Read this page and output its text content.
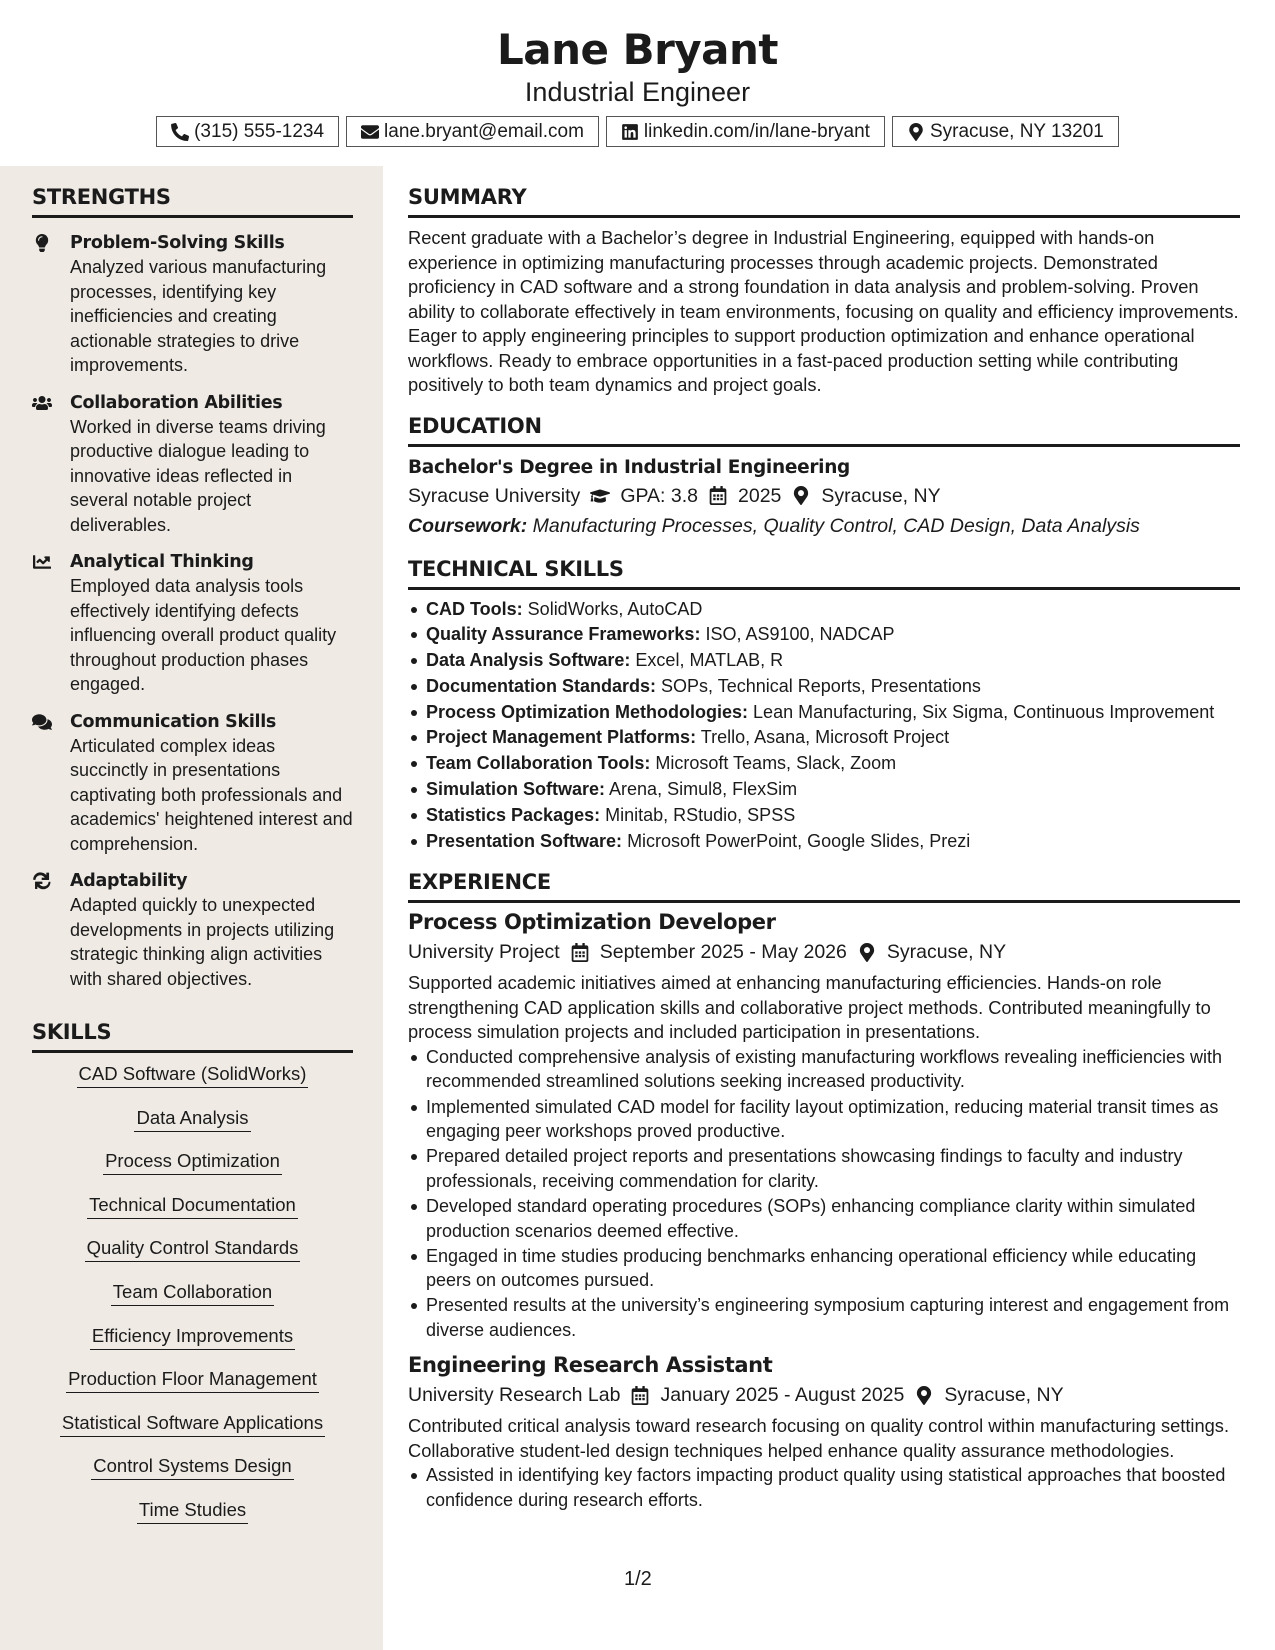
Lane Bryant
Industrial Engineer
(315) 555-1234	lane.bryant@email.com	linkedin.com/in/lane-bryant	Syracuse, NY 13201
STRENGTHS
Problem-Solving Skills
Analyzed various manufacturing processes, identifying key inefficiencies and creating actionable strategies to drive improvements.
Collaboration Abilities
Worked in diverse teams driving productive dialogue leading to innovative ideas reflected in several notable project deliverables.
Analytical Thinking
Employed data analysis tools effectively identifying defects influencing overall product quality throughout production phases engaged.
Communication Skills
Articulated complex ideas succinctly in presentations captivating both professionals and academics' heightened interest and comprehension.
Adaptability
Adapted quickly to unexpected developments in projects utilizing strategic thinking align activities with shared objectives.
SKILLS
CAD Software (SolidWorks)
Data Analysis
Process Optimization
Technical Documentation
Quality Control Standards
Team Collaboration
Efficiency Improvements
Production Floor Management
Statistical Software Applications
Control Systems Design
Time Studies
SUMMARY
Recent graduate with a Bachelor’s degree in Industrial Engineering, equipped with hands-on experience in optimizing manufacturing processes through academic projects. Demonstrated proficiency in CAD software and a strong foundation in data analysis and problem-solving. Proven ability to collaborate effectively in team environments, focusing on quality and efficiency improvements. Eager to apply engineering principles to support production optimization and enhance operational workflows. Ready to embrace opportunities in a fast-paced production setting while contributing positively to both team dynamics and project goals.
EDUCATION
Bachelor's Degree in Industrial Engineering
Syracuse University GPA: 3.8 2025 Syracuse, NY
Coursework: Manufacturing Processes, Quality Control, CAD Design, Data Analysis
TECHNICAL SKILLS
CAD Tools: SolidWorks, AutoCAD
Quality Assurance Frameworks: ISO, AS9100, NADCAP
Data Analysis Software: Excel, MATLAB, R
Documentation Standards: SOPs, Technical Reports, Presentations
Process Optimization Methodologies: Lean Manufacturing, Six Sigma, Continuous Improvement
Project Management Platforms: Trello, Asana, Microsoft Project
Team Collaboration Tools: Microsoft Teams, Slack, Zoom
Simulation Software: Arena, Simul8, FlexSim
Statistics Packages: Minitab, RStudio, SPSS
Presentation Software: Microsoft PowerPoint, Google Slides, Prezi
EXPERIENCE
Process Optimization Developer
University Project September 2025 - May 2026 Syracuse, NY
Supported academic initiatives aimed at enhancing manufacturing efficiencies. Hands-on role strengthening CAD application skills and collaborative project methods. Contributed meaningfully to process simulation projects and included participation in presentations.
Conducted comprehensive analysis of existing manufacturing workflows revealing inefficiencies with recommended streamlined solutions seeking increased productivity.
Implemented simulated CAD model for facility layout optimization, reducing material transit times as engaging peer workshops proved productive.
Prepared detailed project reports and presentations showcasing findings to faculty and industry professionals, receiving commendation for clarity.
Developed standard operating procedures (SOPs) enhancing compliance clarity within simulated production scenarios deemed effective.
Engaged in time studies producing benchmarks enhancing operational efficiency while educating peers on outcomes pursued.
Presented results at the university’s engineering symposium capturing interest and engagement from diverse audiences.
Engineering Research Assistant
University Research Lab January 2025 - August 2025 Syracuse, NY
Contributed critical analysis toward research focusing on quality control within manufacturing settings. Collaborative student-led design techniques helped enhance quality assurance methodologies.
Assisted in identifying key factors impacting product quality using statistical approaches that boosted confidence during research efforts.
1/2
